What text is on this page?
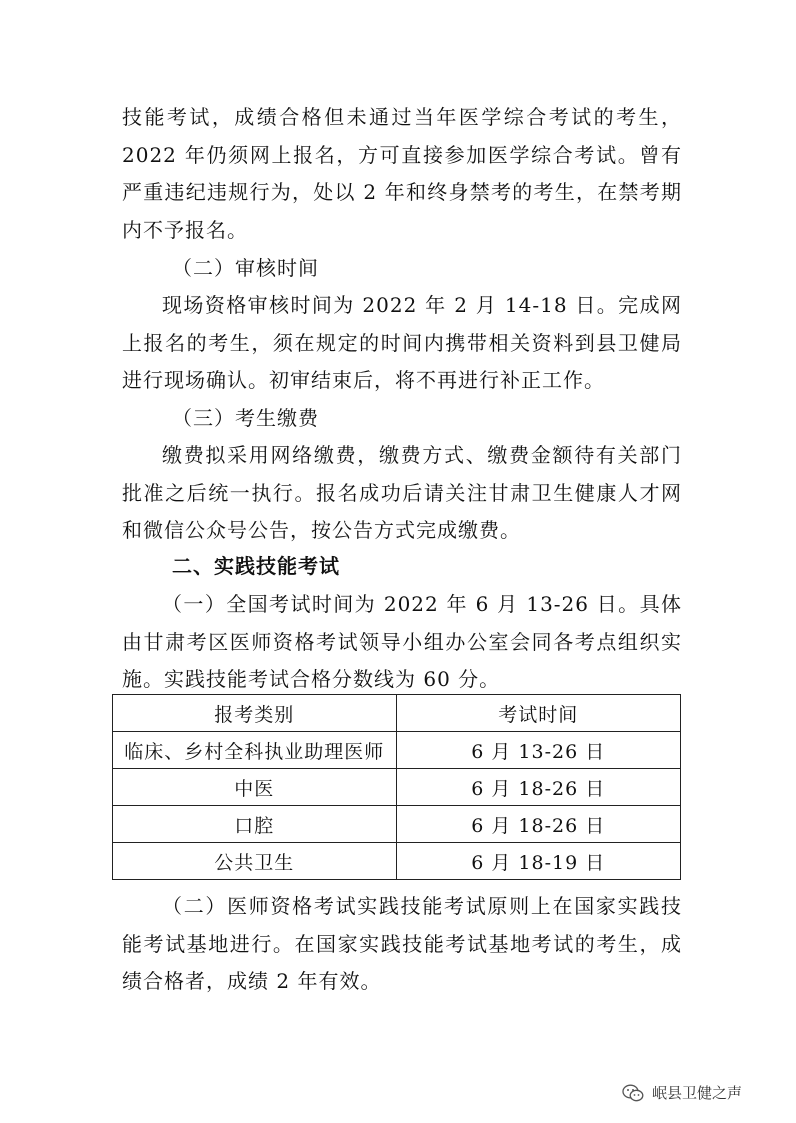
技能考试，成绩合格但未通过当年医学综合考试的考生，2022 年仍须网上报名，方可直接参加医学综合考试。曾有严重违纪违规行为，处以 2 年和终身禁考的考生，在禁考期内不予报名。

（二）审核时间

现场资格审核时间为 2022 年 2 月 14-18 日。完成网上报名的考生，须在规定的时间内携带相关资料到县卫健局进行现场确认。初审结束后，将不再进行补正工作。

（三）考生缴费

缴费拟采用网络缴费，缴费方式、缴费金额待有关部门批准之后统一执行。报名成功后请关注甘肃卫生健康人才网和微信公众号公告，按公告方式完成缴费。

二、实践技能考试

（一）全国考试时间为 2022 年 6 月 13-26 日。具体由甘肃考区医师资格考试领导小组办公室会同各考点组织实施。实践技能考试合格分数线为 60 分。

报考类别	考试时间
临床、乡村全科执业助理医师	6 月 13-26 日
中医	6 月 18-26 日
口腔	6 月 18-26 日
公共卫生	6 月 18-19 日

（二）医师资格考试实践技能考试原则上在国家实践技能考试基地进行。在国家实践技能考试基地考试的考生，成绩合格者，成绩 2 年有效。

岷县卫健之声
